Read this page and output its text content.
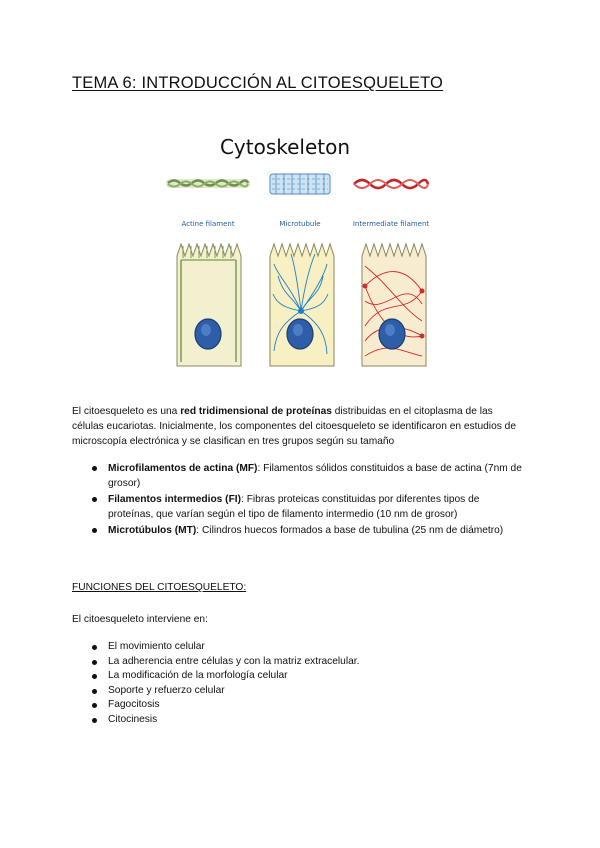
TEMA 6: INTRODUCCIÓN AL CITOESQUELETO
Cytoskeleton
Actine filament	Microtubule	Intermediate filament

El citoesqueleto es una red tridimensional de proteínas distribuidas en el citoplasma de las células eucariotas. Inicialmente, los componentes del citoesqueleto se identificaron en estudios de microscopía electrónica y se clasifican en tres grupos según su tamaño

Microfilamentos de actina (MF): Filamentos sólidos constituidos a base de actina (7nm de grosor)
Filamentos intermedios (FI): Fibras proteicas constituidas por diferentes tipos de proteínas, que varían según el tipo de filamento intermedio (10 nm de grosor)
Microtúbulos (MT): Cilindros huecos formados a base de tubulina (25 nm de diámetro)
FUNCIONES DEL CITOESQUELETO:
El citoesqueleto interviene en:
El movimiento celular
La adherencia entre células y con la matriz extracelular.
La modificación de la morfología celular
Soporte y refuerzo celular
Fagocitosis
Citocinesis
